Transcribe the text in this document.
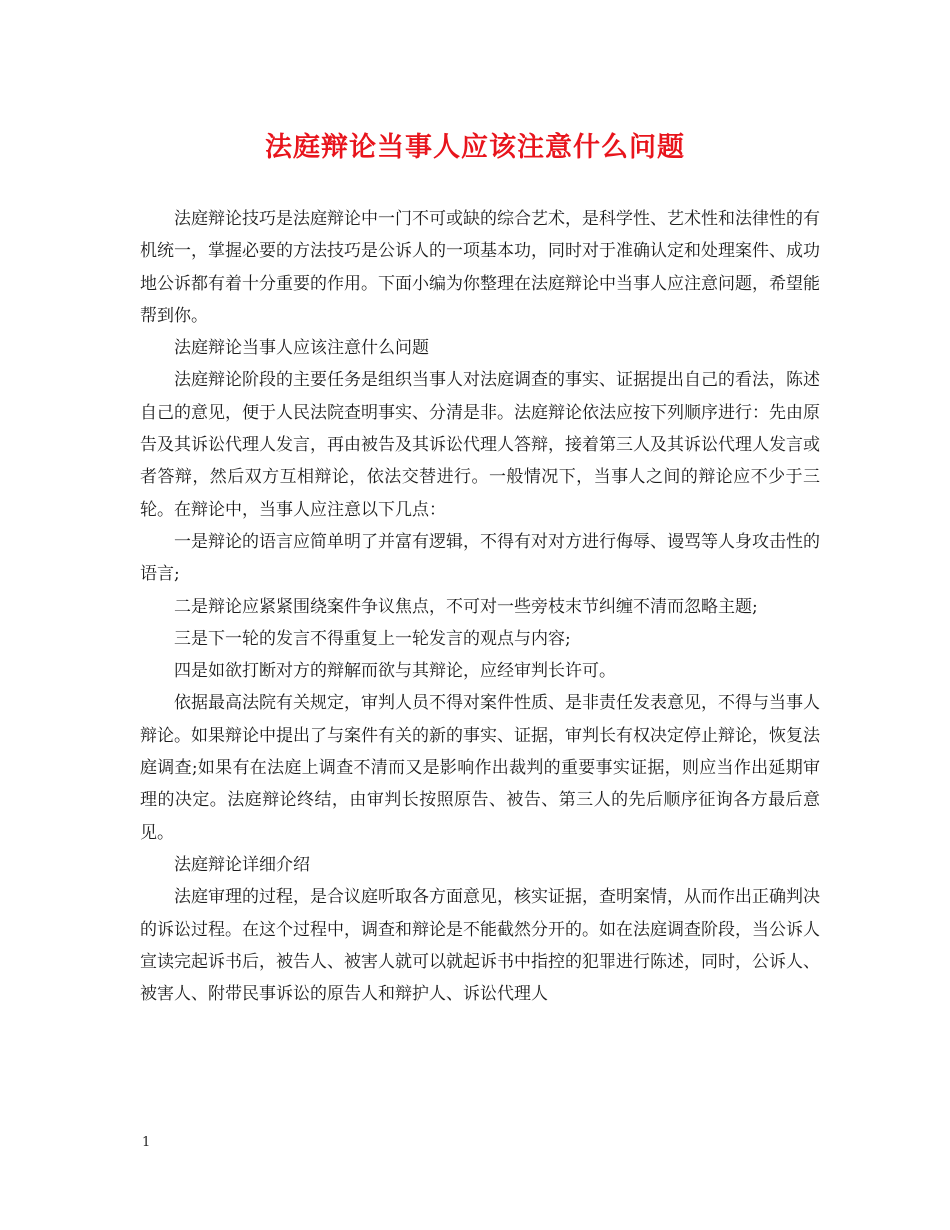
法庭辩论当事人应该注意什么问题

法庭辩论技巧是法庭辩论中一门不可或缺的综合艺术，是科学性、艺术性和法律性的有机统一，掌握必要的方法技巧是公诉人的一项基本功，同时对于准确认定和处理案件、成功地公诉都有着十分重要的作用。下面小编为你整理在法庭辩论中当事人应注意问题，希望能帮到你。

法庭辩论当事人应该注意什么问题

法庭辩论阶段的主要任务是组织当事人对法庭调查的事实、证据提出自己的看法，陈述自己的意见，便于人民法院查明事实、分清是非。法庭辩论依法应按下列顺序进行：先由原告及其诉讼代理人发言，再由被告及其诉讼代理人答辩，接着第三人及其诉讼代理人发言或者答辩，然后双方互相辩论，依法交替进行。一般情况下，当事人之间的辩论应不少于三轮。在辩论中，当事人应注意以下几点：

一是辩论的语言应简单明了并富有逻辑，不得有对对方进行侮辱、谩骂等人身攻击性的语言;

二是辩论应紧紧围绕案件争议焦点，不可对一些旁枝末节纠缠不清而忽略主题;

三是下一轮的发言不得重复上一轮发言的观点与内容;

四是如欲打断对方的辩解而欲与其辩论，应经审判长许可。

依据最高法院有关规定，审判人员不得对案件性质、是非责任发表意见，不得与当事人辩论。如果辩论中提出了与案件有关的新的事实、证据，审判长有权决定停止辩论，恢复法庭调查;如果有在法庭上调查不清而又是影响作出裁判的重要事实证据，则应当作出延期审理的决定。法庭辩论终结，由审判长按照原告、被告、第三人的先后顺序征询各方最后意见。

法庭辩论详细介绍

法庭审理的过程，是合议庭听取各方面意见，核实证据，查明案情，从而作出正确判决的诉讼过程。在这个过程中，调查和辩论是不能截然分开的。如在法庭调查阶段，当公诉人宣读完起诉书后，被告人、被害人就可以就起诉书中指控的犯罪进行陈述，同时，公诉人、被害人、附带民事诉讼的原告人和辩护人、诉讼代理人

1
